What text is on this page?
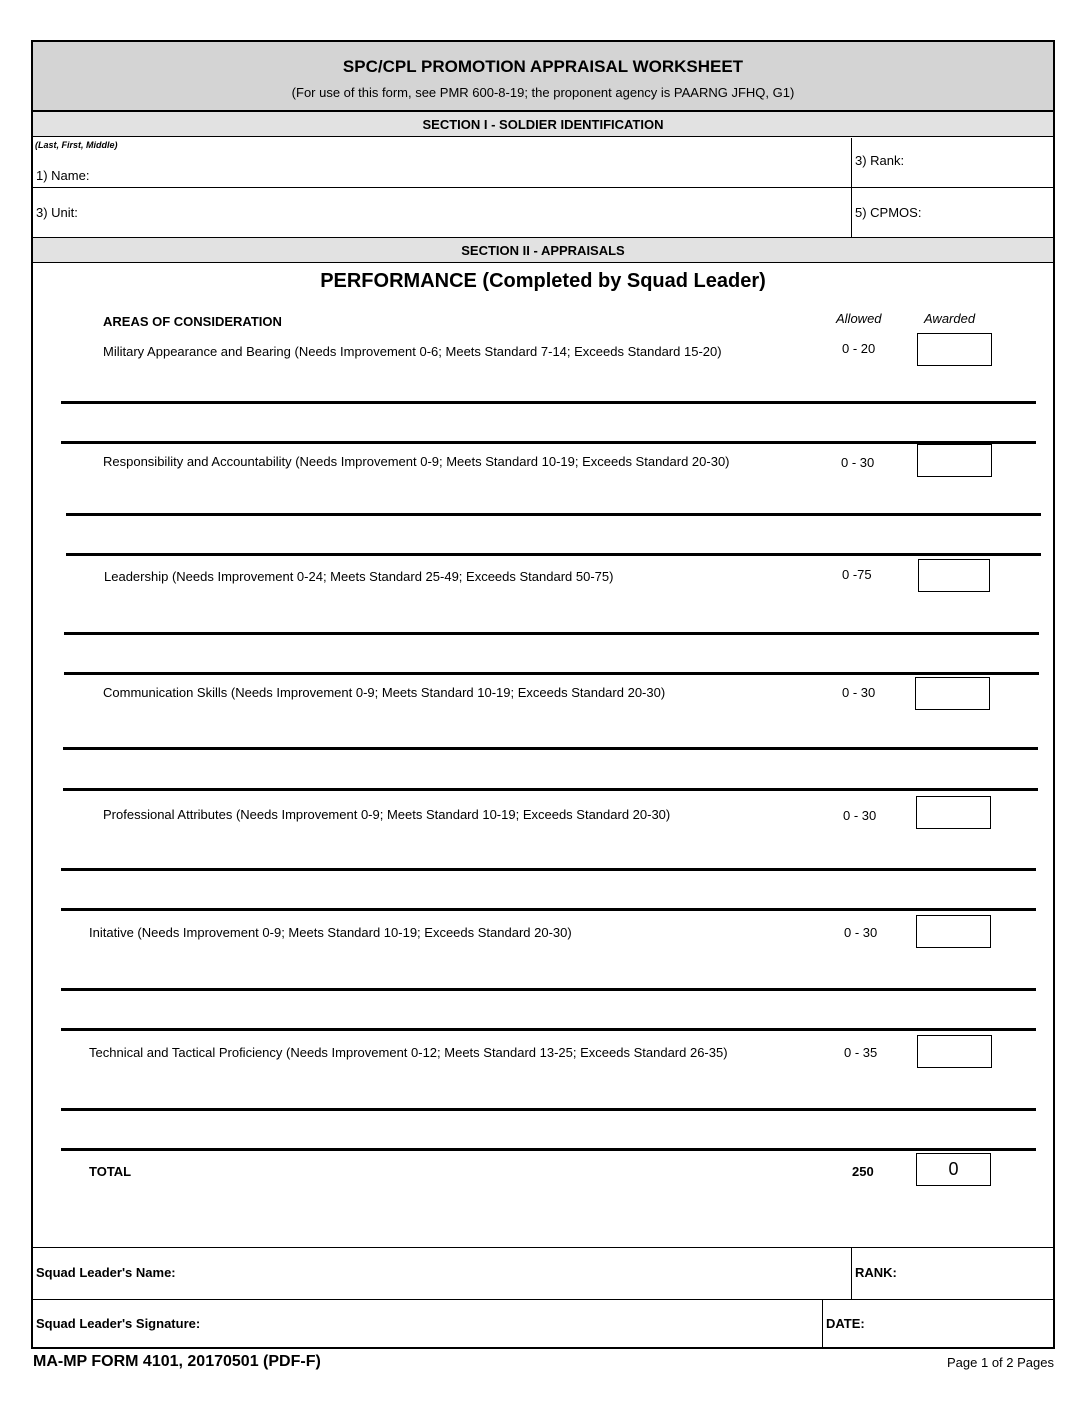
SPC/CPL PROMOTION APPRAISAL WORKSHEET
(For use of this form, see PMR 600-8-19; the proponent agency is PAARNG JFHQ, G1)
SECTION I - SOLDIER IDENTIFICATION
(Last, First, Middle)
1) Name:
3) Rank:
3) Unit:	5) CPMOS:
SECTION II - APPRAISALS
PERFORMANCE (Completed by Squad Leader)
AREAS OF CONSIDERATION	Allowed	Awarded
Military Appearance and Bearing (Needs Improvement 0-6; Meets Standard 7-14; Exceeds Standard 15-20)	0 - 20
Responsibility and Accountability (Needs Improvement 0-9; Meets Standard 10-19; Exceeds Standard 20-30)	0 - 30
Leadership (Needs Improvement 0-24; Meets Standard 25-49; Exceeds Standard 50-75)	0 -75
Communication Skills (Needs Improvement 0-9; Meets Standard 10-19; Exceeds Standard 20-30)	0 - 30
Professional Attributes (Needs Improvement 0-9; Meets Standard 10-19; Exceeds Standard 20-30)	0 - 30
Initative (Needs Improvement 0-9; Meets Standard 10-19; Exceeds Standard 20-30)	0 - 30
Technical and Tactical Proficiency (Needs Improvement 0-12; Meets Standard 13-25; Exceeds Standard 26-35)	0 - 35
TOTAL	250	0
Squad Leader's Name:	RANK:
Squad Leader's Signature:	DATE:
MA-MP FORM 4101, 20170501 (PDF-F)	Page 1 of 2 Pages
